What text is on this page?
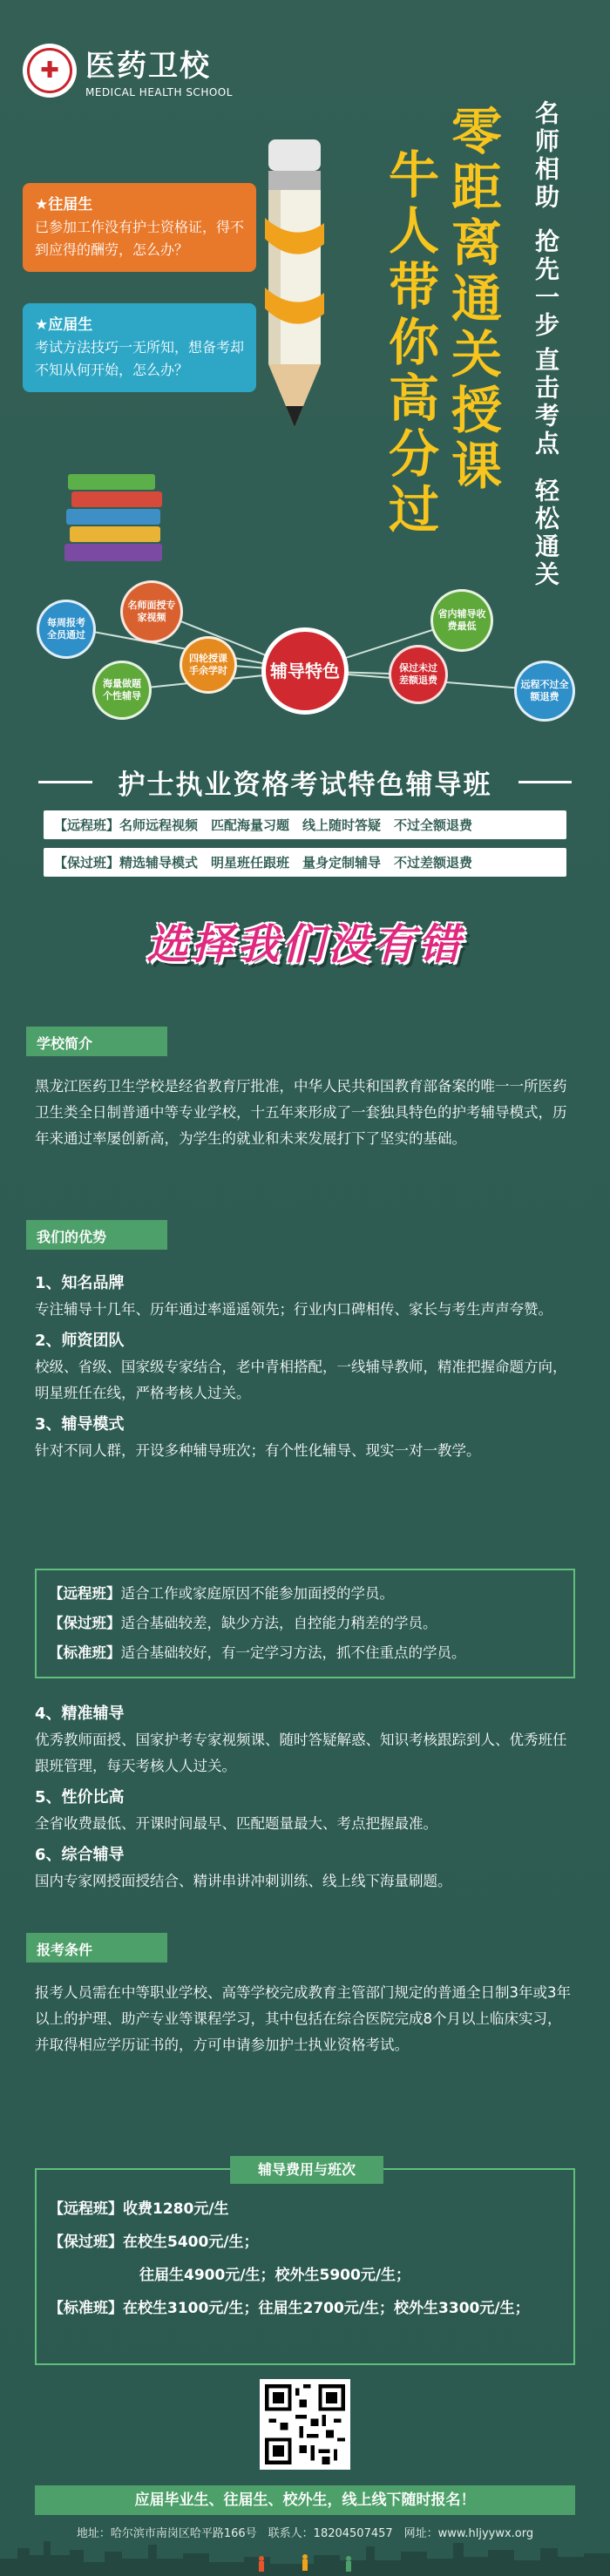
✚ 医药卫校
MEDICAL HEALTH SCHOOL
零距离通关授课
牛人带你高分过	名师相助
抢先一步
直击考点
轻松通关
★往届生
已参加工作没有护士资格证，得不到应得的酬劳，怎么办？
★应届生
考试方法技巧一无所知，想备考却不知从何开始，怎么办？
每周报考全员通过
名师面授专家视频
四轮授课手余学时
海量做题个性辅导
辅导特色
省内辅导收费最低
保过未过差额退费	远程不过全额退费
护士执业资格考试特色辅导班
【远程班】名师远程视频　匹配海量习题　线上随时答疑　不过全额退费
【保过班】精选辅导模式　明星班任跟班　量身定制辅导　不过差额退费
选择我们没有错
学校简介
黑龙江医药卫生学校是经省教育厅批准，中华人民共和国教育部备案的唯一一所医药卫生类全日制普通中等专业学校，十五年来形成了一套独具特色的护考辅导模式，历年来通过率屡创新高，为学生的就业和未来发展打下了坚实的基础。
我们的优势
1、知名品牌
专注辅导十几年、历年通过率遥遥领先；行业内口碑相传、家长与考生声声夸赞。
2、师资团队
校级、省级、国家级专家结合，老中青相搭配，一线辅导教师，精准把握命题方向，明星班任在线，严格考核人过关。
3、辅导模式
针对不同人群，开设多种辅导班次；有个性化辅导、现实一对一教学。
【远程班】适合工作或家庭原因不能参加面授的学员。
【保过班】适合基础较差，缺少方法，自控能力稍差的学员。
【标准班】适合基础较好，有一定学习方法，抓不住重点的学员。
4、精准辅导
优秀教师面授、国家护考专家视频课、随时答疑解惑、知识考核跟踪到人、优秀班任跟班管理，每天考核人人过关。
5、性价比高
全省收费最低、开课时间最早、匹配题量最大、考点把握最准。
6、综合辅导
国内专家网授面授结合、精讲串讲冲刺训练、线上线下海量刷题。
报考条件
报考人员需在中等职业学校、高等学校完成教育主管部门规定的普通全日制3年或3年以上的护理、助产专业等课程学习，其中包括在综合医院完成8个月以上临床实习，并取得相应学历证书的，方可申请参加护士执业资格考试。
辅导费用与班次
【远程班】收费1280元/生
【保过班】在校生5400元/生；
往届生4900元/生；校外生5900元/生；
【标准班】在校生3100元/生；往届生2700元/生；校外生3300元/生；
应届毕业生、往届生、校外生，线上线下随时报名！
地址：哈尔滨市南岗区哈平路166号　联系人：18204507457　网址：www.hljyywx.org
